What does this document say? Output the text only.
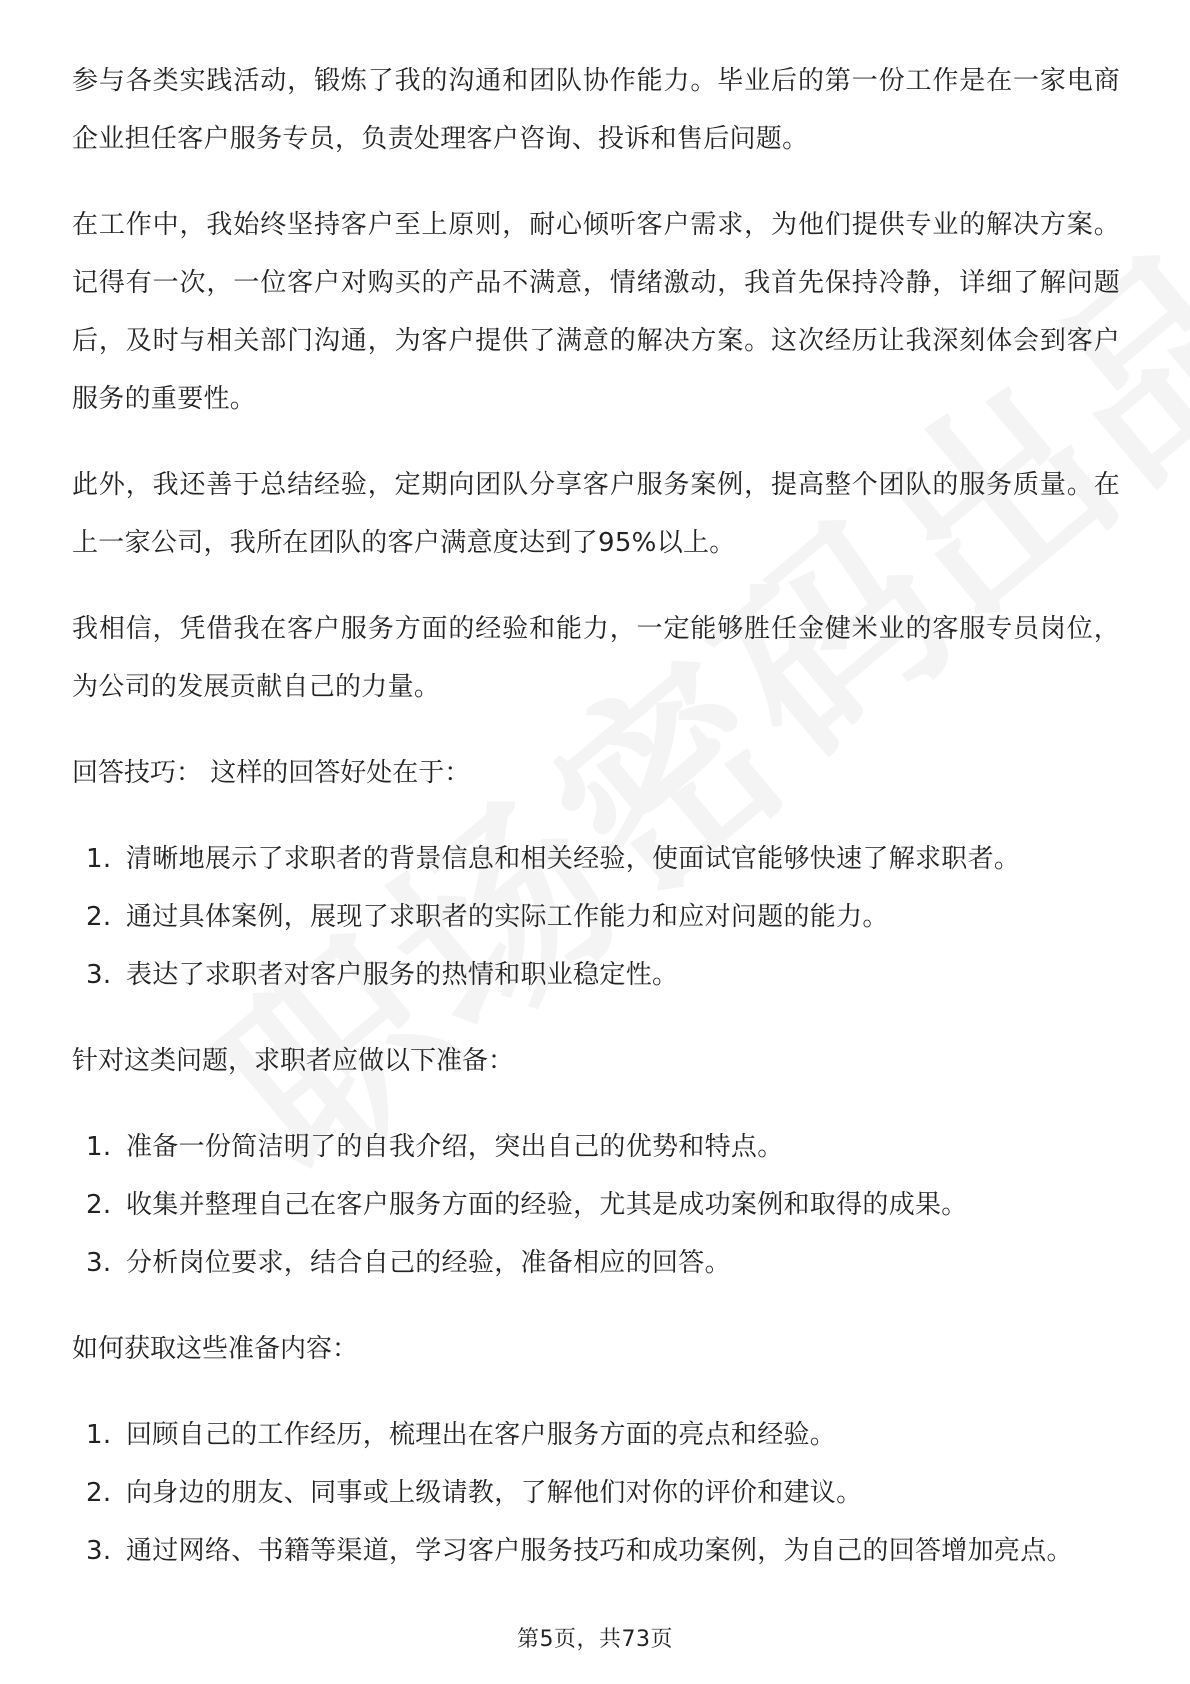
参与各类实践活动，锻炼了我的沟通和团队协作能力。毕业后的第一份工作是在一家电商企业担任客户服务专员，负责处理客户咨询、投诉和售后问题。

在工作中，我始终坚持客户至上原则，耐心倾听客户需求，为他们提供专业的解决方案。记得有一次，一位客户对购买的产品不满意，情绪激动，我首先保持冷静，详细了解问题后，及时与相关部门沟通，为客户提供了满意的解决方案。这次经历让我深刻体会到客户服务的重要性。

此外，我还善于总结经验，定期向团队分享客户服务案例，提高整个团队的服务质量。在上一家公司，我所在团队的客户满意度达到了95%以上。

我相信，凭借我在客户服务方面的经验和能力，一定能够胜任金健米业的客服专员岗位，为公司的发展贡献自己的力量。

回答技巧： 这样的回答好处在于：
1. 清晰地展示了求职者的背景信息和相关经验，使面试官能够快速了解求职者。
2. 通过具体案例，展现了求职者的实际工作能力和应对问题的能力。
3. 表达了求职者对客户服务的热情和职业稳定性。
针对这类问题，求职者应做以下准备：
1. 准备一份简洁明了的自我介绍，突出自己的优势和特点。
2. 收集并整理自己在客户服务方面的经验，尤其是成功案例和取得的成果。
3. 分析岗位要求，结合自己的经验，准备相应的回答。
如何获取这些准备内容：
1. 回顾自己的工作经历，梳理出在客户服务方面的亮点和经验。
2. 向身边的朋友、同事或上级请教，了解他们对你的评价和建议。
3. 通过网络、书籍等渠道，学习客户服务技巧和成功案例，为自己的回答增加亮点。
第5页，共73页
